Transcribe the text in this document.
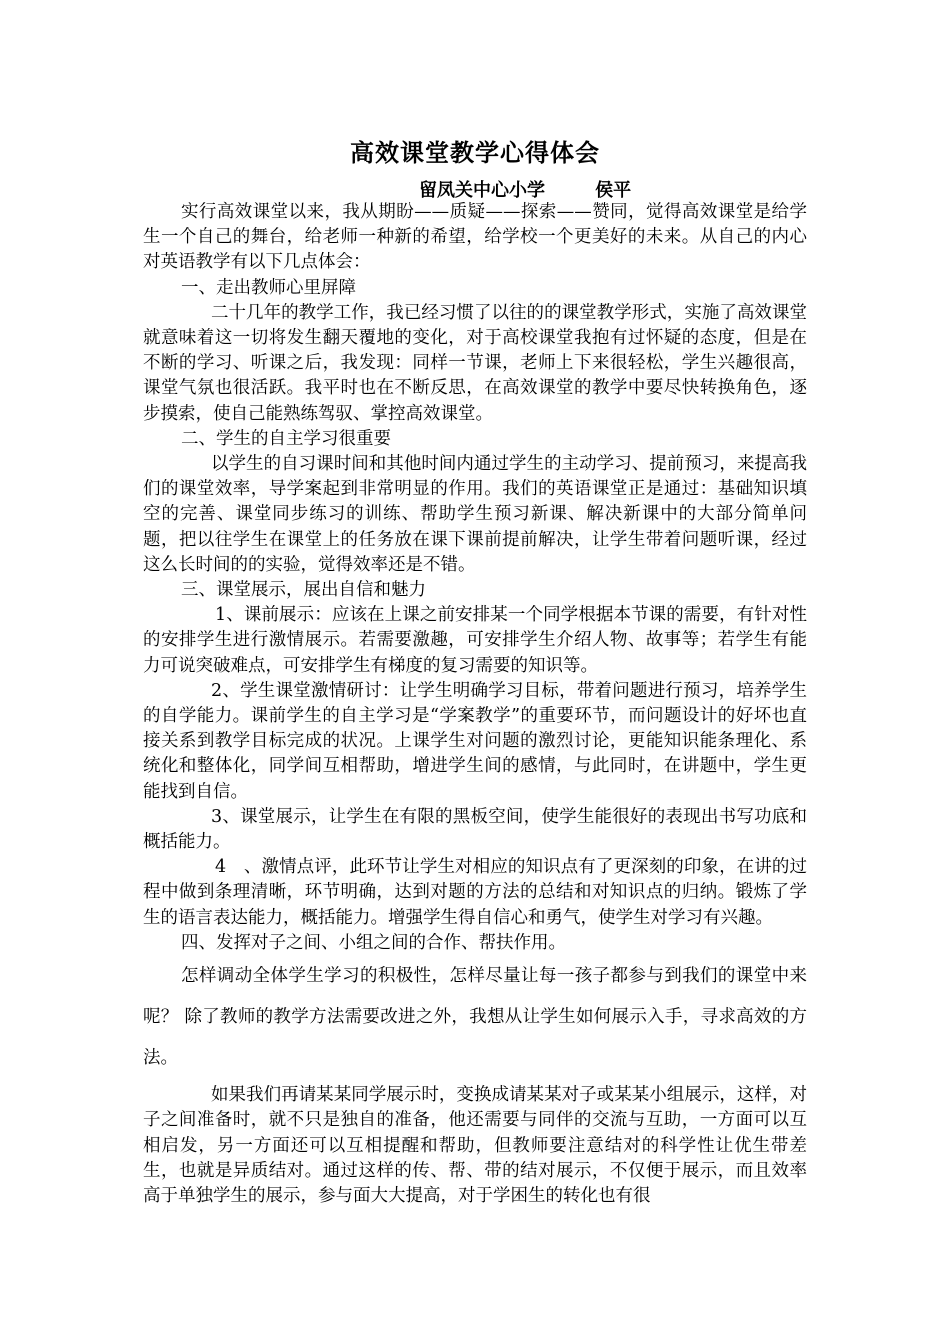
高效课堂教学心得体会
留凤关中心小学        侯平

实行高效课堂以来，我从期盼——质疑——探索——赞同，觉得高效课堂是给学生一个自己的舞台，给老师一种新的希望，给学校一个更美好的未来。从自己的内心对英语教学有以下几点体会：

一、走出教师心里屏障

二十几年的教学工作，我已经习惯了以往的的课堂教学形式，实施了高效课堂就意味着这一切将发生翻天覆地的变化，对于高校课堂我抱有过怀疑的态度，但是在不断的学习、听课之后，我发现：同样一节课，老师上下来很轻松，学生兴趣很高，课堂气氛也很活跃。我平时也在不断反思，在高效课堂的教学中要尽快转换角色，逐步摸索，使自己能熟练驾驭、掌控高效课堂。

二、学生的自主学习很重要

以学生的自习课时间和其他时间内通过学生的主动学习、提前预习，来提高我们的课堂效率，导学案起到非常明显的作用。我们的英语课堂正是通过：基础知识填空的完善、课堂同步练习的训练、帮助学生预习新课、解决新课中的大部分简单问题，把以往学生在课堂上的任务放在课下课前提前解决，让学生带着问题听课，经过这么长时间的的实验，觉得效率还是不错。

三、课堂展示，展出自信和魅力

1、课前展示：应该在上课之前安排某一个同学根据本节课的需要，有针对性的安排学生进行激情展示。若需要激趣，可安排学生介绍人物、故事等；若学生有能力可说突破难点，可安排学生有梯度的复习需要的知识等。

2、学生课堂激情研讨：让学生明确学习目标，带着问题进行预习，培养学生的自学能力。课前学生的自主学习是“学案教学”的重要环节，而问题设计的好坏也直接关系到教学目标完成的状况。上课学生对问题的激烈讨论，更能知识能条理化、系统化和整体化，同学间互相帮助，增进学生间的感情，与此同时，在讲题中，学生更能找到自信。

3、课堂展示，让学生在有限的黑板空间，使学生能很好的表现出书写功底和概括能力。

4　、激情点评，此环节让学生对相应的知识点有了更深刻的印象，在讲的过程中做到条理清晰，环节明确，达到对题的方法的总结和对知识点的归纳。锻炼了学生的语言表达能力，概括能力。增强学生得自信心和勇气，使学生对学习有兴趣。

四、发挥对子之间、小组之间的合作、帮扶作用。

怎样调动全体学生学习的积极性，怎样尽量让每一孩子都参与到我们的课堂中来呢？ 除了教师的教学方法需要改进之外，我想从让学生如何展示入手，寻求高效的方法。

如果我们再请某某同学展示时，变换成请某某对子或某某小组展示，这样，对子之间准备时，就不只是独自的准备，他还需要与同伴的交流与互助，一方面可以互相启发，另一方面还可以互相提醒和帮助，但教师要注意结对的科学性让优生带差生，也就是异质结对。通过这样的传、帮、带的结对展示，不仅便于展示，而且效率高于单独学生的展示，参与面大大提高，对于学困生的转化也有很
